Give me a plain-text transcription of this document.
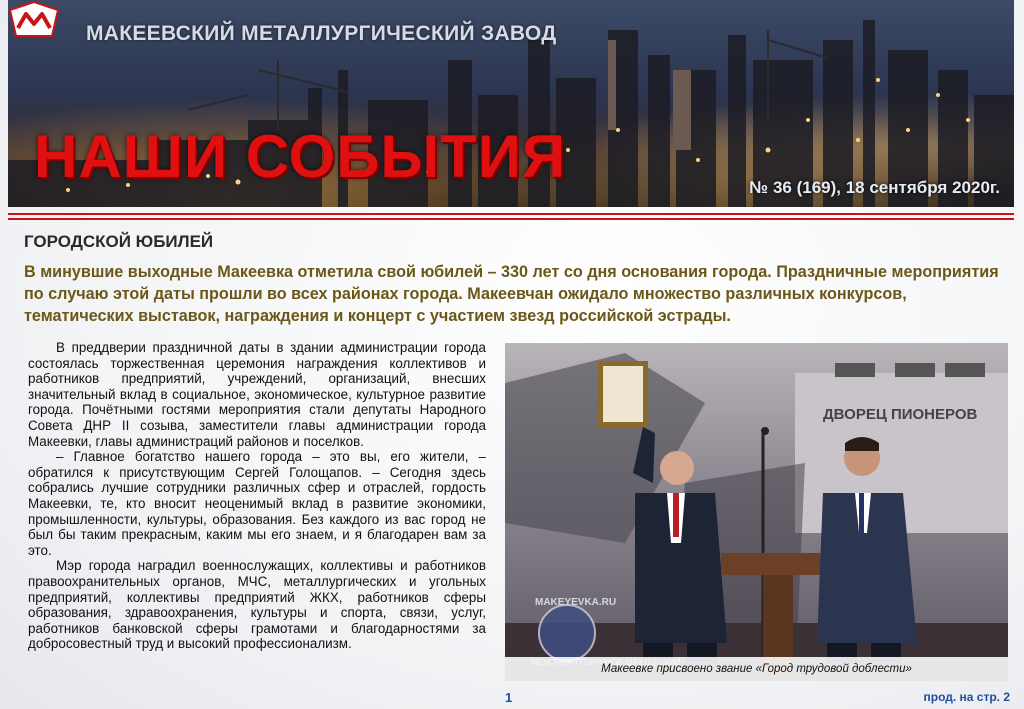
МАКЕЕВСКИЙ МЕТАЛЛУРГИЧЕСКИЙ ЗАВОД
НАШИ СОБЫТИЯ	№ 36 (169), 18 сентября 2020г.
ГОРОДСКОЙ ЮБИЛЕЙ
В минувшие выходные Макеевка отметила свой юбилей – 330 лет со дня основания города. Праздничные мероприятия по случаю этой даты прошли во всех районах города. Макеевчан ожидало множество различных конкурсов, тематических выставок, награждения и концерт с участием звезд российской эстрады.

В преддверии праздничной даты в здании администрации города состоялась торжественная церемония награждения коллективов и работников предприятий, учреждений, организаций, внесших значительный вклад в социальное, экономическое, культурное развитие города. Почётными гостями мероприятия стали депутаты Народного Совета ДНР II созыва, заместители главы администрации города Макеевки, главы администраций районов и поселков.

– Главное богатство нашего города – это вы, его жители, – обратился к присутствующим Сергей Голощапов. – Сегодня здесь собрались лучшие сотрудники различных сфер и отраслей, гордость Макеевки, те, кто вносит неоценимый вклад в развитие экономики, промышленности, культуры, образования. Без каждого из вас город не был бы таким прекрасным, каким мы его знаем, и я благодарен вам за это.

Мэр города наградил военнослужащих, коллективы и работников правоохранительных органов, МЧС, металлургических и угольных предприятий, коллективы предприятий ЖКХ, работников сферы образования, здравоохранения, культуры и спорта, связи, услуг, работников банковской сферы грамотами и благодарностями за добросовестный труд и высокий профессионализм.

ДВОРЕЦ ПИОНЕРОВ
MAKEYEVKA.RU
Макеевке присвоено звание «Город трудовой доблести»
1	прод. на стр. 2
